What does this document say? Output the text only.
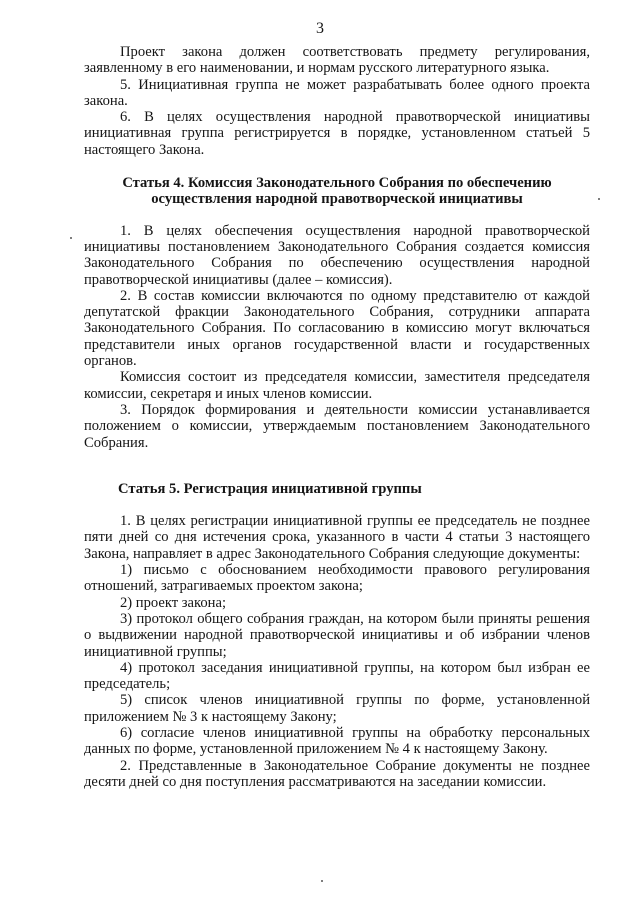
3

Проект закона должен соответствовать предмету регулирования, заявленному в его наименовании, и нормам русского литературного языка.

5. Инициативная группа не может разрабатывать более одного проекта закона.

6. В целях осуществления народной правотворческой инициативы инициативная группа регистрируется в порядке, установленном статьей 5 настоящего Закона.

Статья 4. Комиссия Законодательного Собрания по обеспечению осуществления народной правотворческой инициативы

1. В целях обеспечения осуществления народной правотворческой инициативы постановлением Законодательного Собрания создается комиссия Законодательного Собрания по обеспечению осуществления народной правотворческой инициативы (далее – комиссия).

2. В состав комиссии включаются по одному представителю от каждой депутатской фракции Законодательного Собрания, сотрудники аппарата Законодательного Собрания. По согласованию в комиссию могут включаться представители иных органов государственной власти и государственных органов.

Комиссия состоит из председателя комиссии, заместителя председателя комиссии, секретаря и иных членов комиссии.

3. Порядок формирования и деятельности комиссии устанавливается положением о комиссии, утверждаемым постановлением Законодательного Собрания.

Статья 5. Регистрация инициативной группы

1. В целях регистрации инициативной группы ее председатель не позднее пяти дней со дня истечения срока, указанного в части 4 статьи 3 настоящего Закона, направляет в адрес Законодательного Собрания следующие документы:

1) письмо с обоснованием необходимости правового регулирования отношений, затрагиваемых проектом закона;

2) проект закона;

3) протокол общего собрания граждан, на котором были приняты решения о выдвижении народной правотворческой инициативы и об избрании членов инициативной группы;

4) протокол заседания инициативной группы, на котором был избран ее председатель;

5) список членов инициативной группы по форме, установленной приложением № 3 к настоящему Закону;

6) согласие членов инициативной группы на обработку персональных данных по форме, установленной приложением № 4 к настоящему Закону.

2. Представленные в Законодательное Собрание документы не позднее десяти дней со дня поступления рассматриваются на заседании комиссии.
